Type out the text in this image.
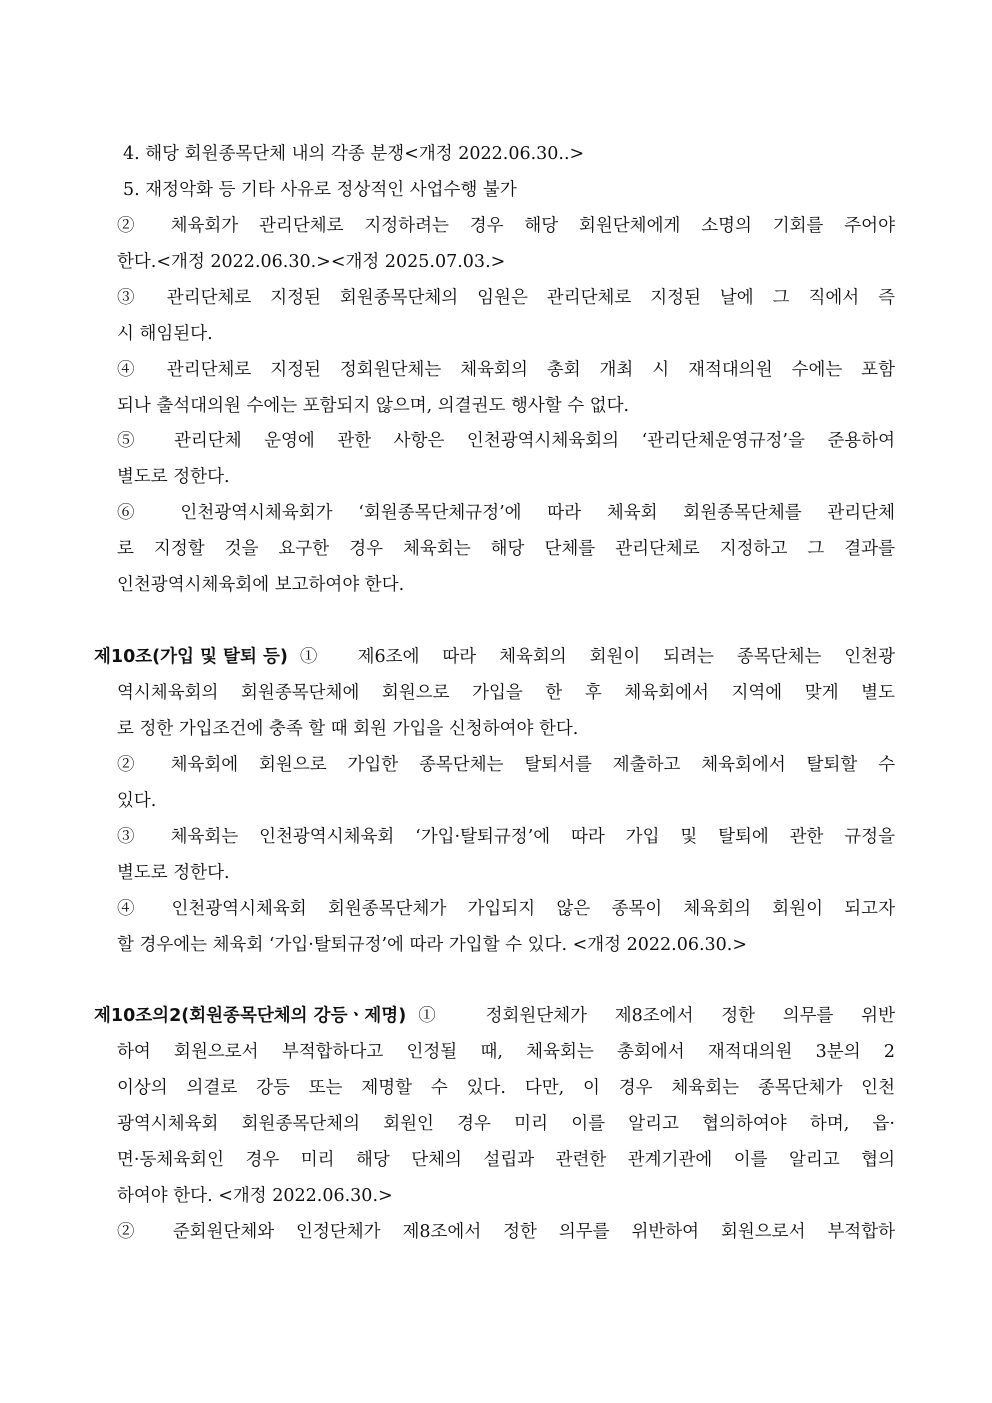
4. 해당 회원종목단체 내의 각종 분쟁<개정 2022.06.30..>
5. 재정악화 등 기타 사유로 정상적인 사업수행 불가
② 체육회가 관리단체로 지정하려는 경우 해당 회원단체에게 소명의 기회를 주어야
한다.<개정 2022.06.30.><개정 2025.07.03.>
③ 관리단체로 지정된 회원종목단체의 임원은 관리단체로 지정된 날에 그 직에서 즉
시 해임된다.
④ 관리단체로 지정된 정회원단체는 체육회의 총회 개최 시 재적대의원 수에는 포함
되나 출석대의원 수에는 포함되지 않으며, 의결권도 행사할 수 없다.
⑤ 관리단체 운영에 관한 사항은 인천광역시체육회의 ‘관리단체운영규정’을 준용하여
별도로 정한다.
⑥ 인천광역시체육회가 ‘회원종목단체규정’에 따라 체육회 회원종목단체를 관리단체
로 지정할 것을 요구한 경우 체육회는 해당 단체를 관리단체로 지정하고 그 결과를
인천광역시체육회에 보고하여야 한다.
제10조(가입 및 탈퇴 등) ① 제6조에 따라 체육회의 회원이 되려는 종목단체는 인천광
역시체육회의 회원종목단체에 회원으로 가입을 한 후 체육회에서 지역에 맞게 별도
로 정한 가입조건에 충족 할 때 회원 가입을 신청하여야 한다.
② 체육회에 회원으로 가입한 종목단체는 탈퇴서를 제출하고 체육회에서 탈퇴할 수
있다.
③ 체육회는 인천광역시체육회 ‘가입·탈퇴규정’에 따라 가입 및 탈퇴에 관한 규정을
별도로 정한다.
④ 인천광역시체육회 회원종목단체가 가입되지 않은 종목이 체육회의 회원이 되고자
할 경우에는 체육회 ‘가입·탈퇴규정’에 따라 가입할 수 있다. <개정 2022.06.30.>
제10조의2(회원종목단체의 강등ㆍ제명) ① 정회원단체가 제8조에서 정한 의무를 위반
하여 회원으로서 부적합하다고 인정될 때, 체육회는 총회에서 재적대의원 3분의 2
이상의 의결로 강등 또는 제명할 수 있다. 다만, 이 경우 체육회는 종목단체가 인천
광역시체육회 회원종목단체의 회원인 경우 미리 이를 알리고 협의하여야 하며, 읍·
면·동체육회인 경우 미리 해당 단체의 설립과 관련한 관계기관에 이를 알리고 협의
하여야 한다. <개정 2022.06.30.>
② 준회원단체와 인정단체가 제8조에서 정한 의무를 위반하여 회원으로서 부적합하
